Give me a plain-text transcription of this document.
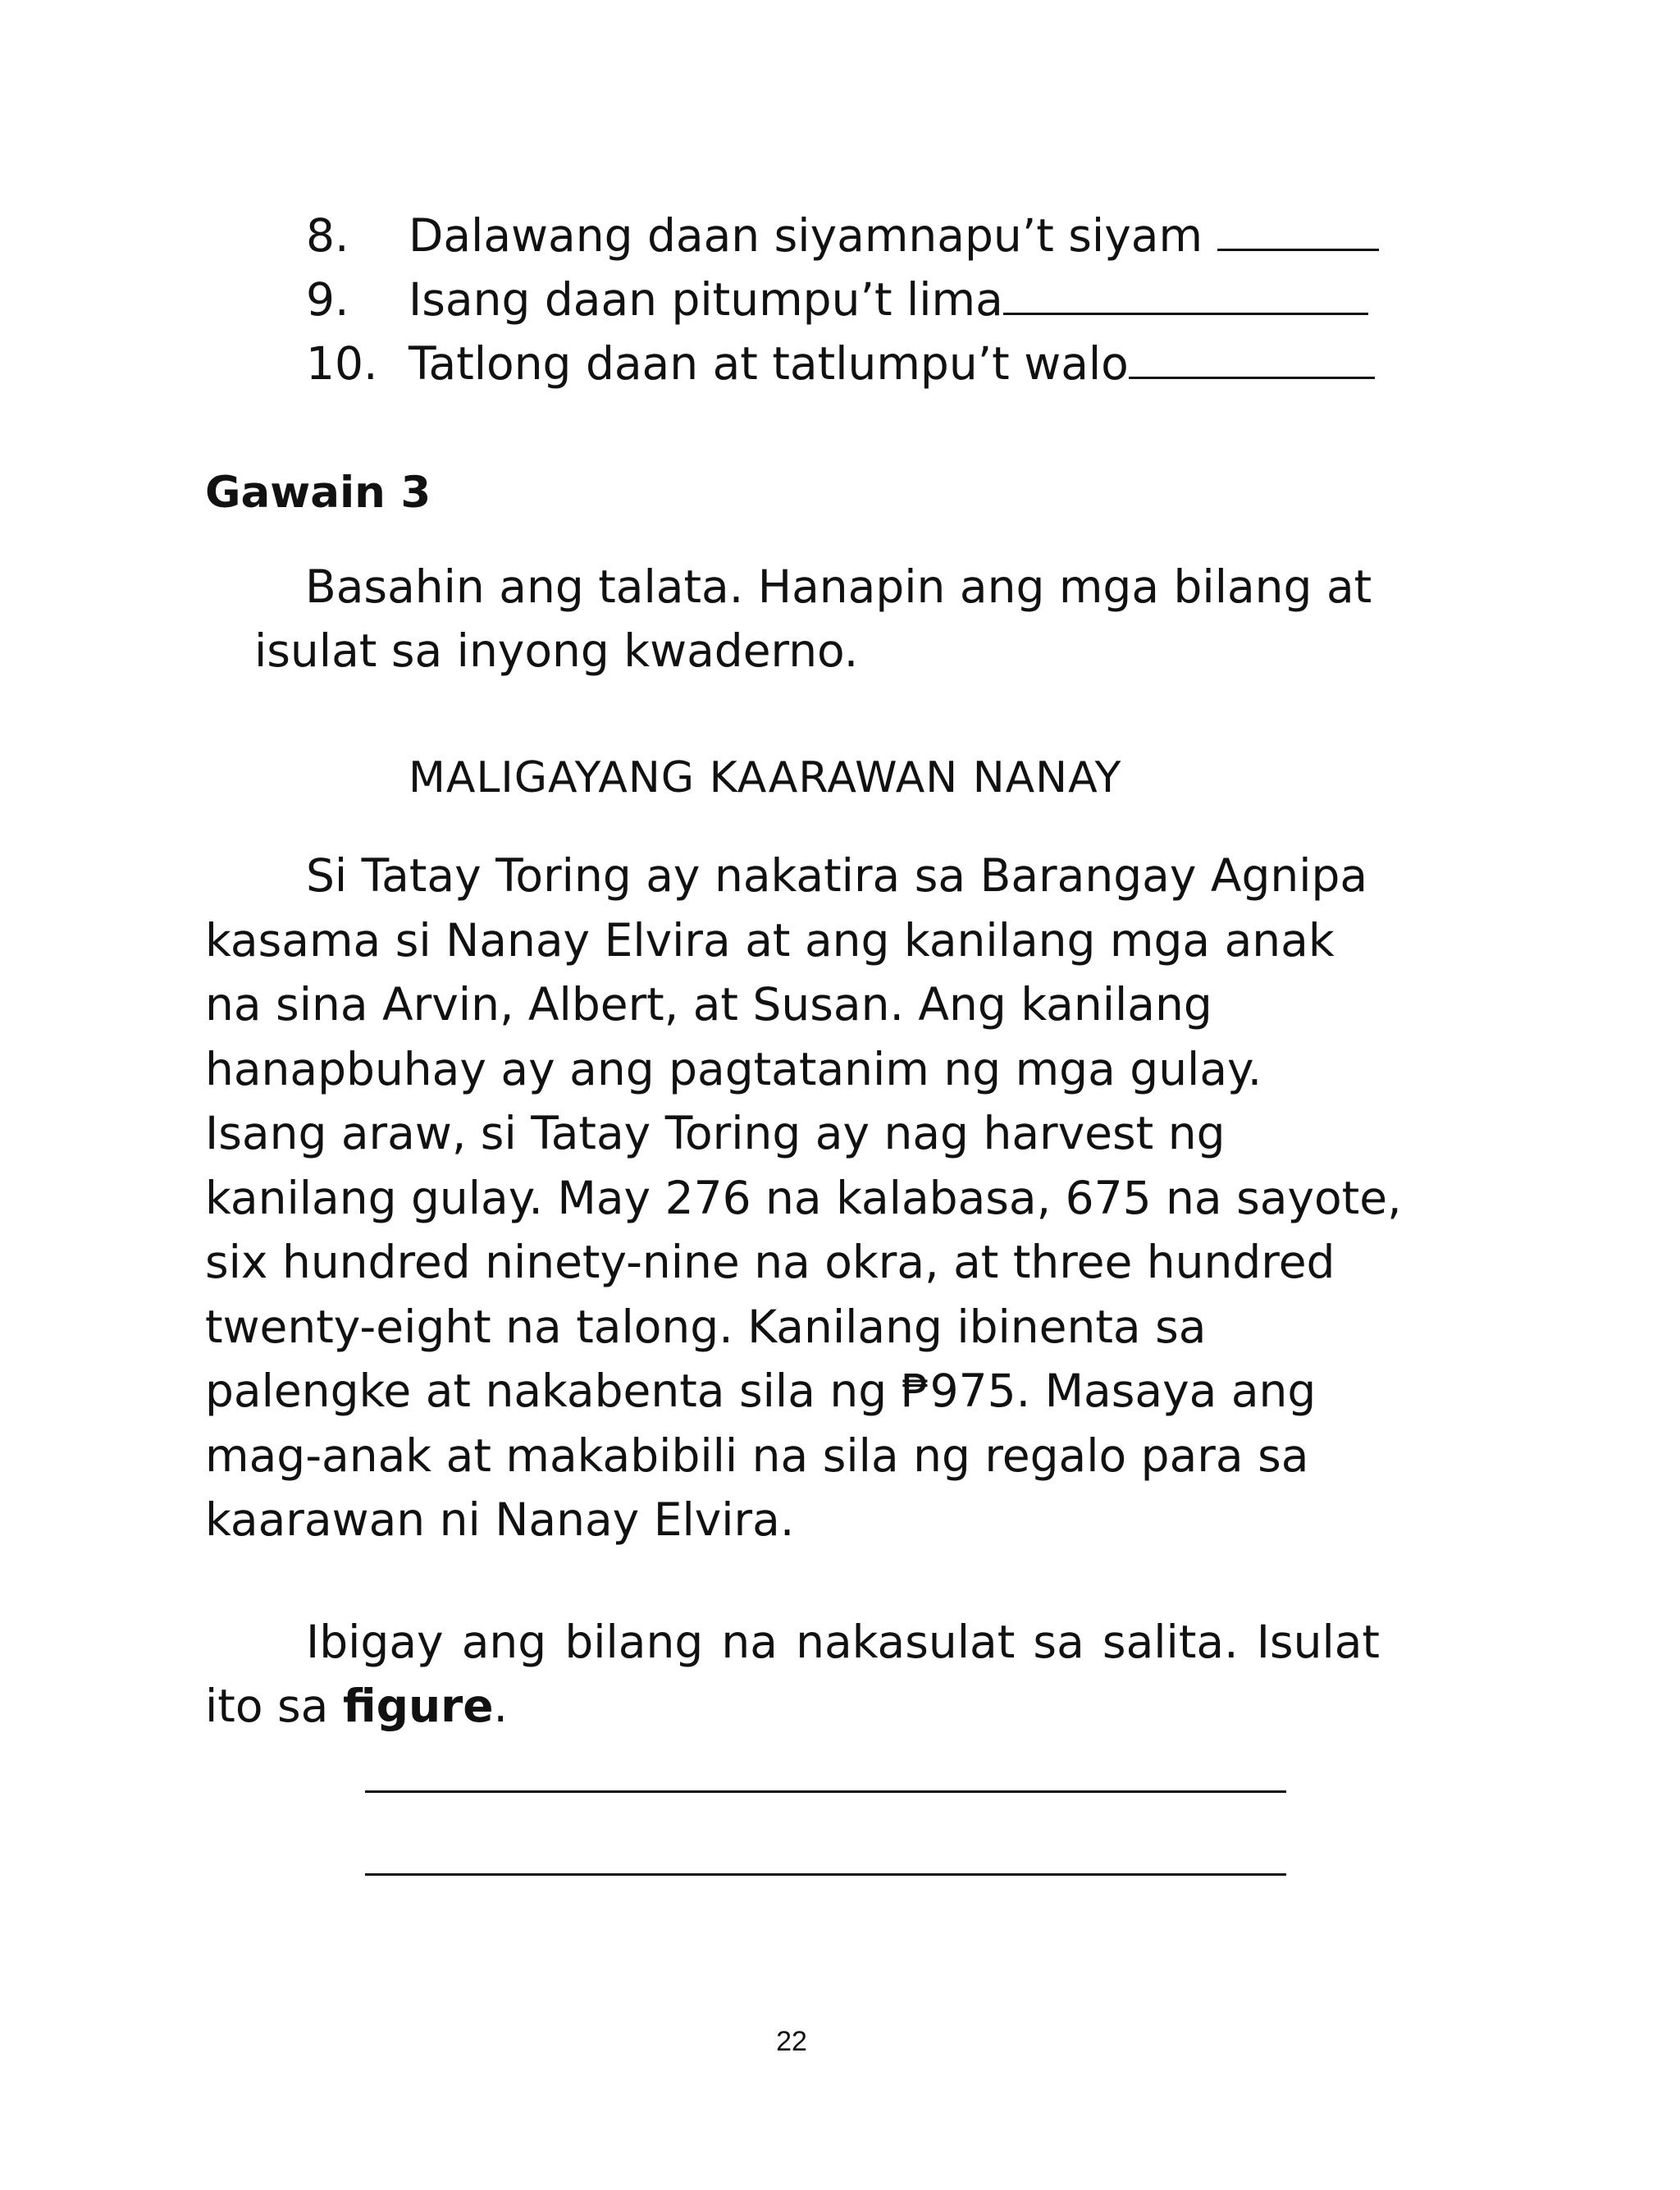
8. Dalawang daan siyamnapu’t siyam
9. Isang daan pitumpu’t lima
10. Tatlong daan at tatlumpu’t walo
Gawain 3
Basahin ang talata. Hanapin ang mga bilang at isulat sa inyong kwaderno.
MALIGAYANG KAARAWAN NANAY
Si Tatay Toring ay nakatira sa Barangay Agnipa
kasama si Nanay Elvira at ang kanilang mga anak
na sina Arvin, Albert, at Susan. Ang kanilang
hanapbuhay ay ang pagtatanim ng mga gulay.
Isang araw, si Tatay Toring ay nag harvest ng
kanilang gulay. May 276 na kalabasa, 675 na sayote,
six hundred ninety-nine na okra, at three hundred
twenty-eight na talong. Kanilang ibinenta sa
palengke at nakabenta sila ng ₱975. Masaya ang
mag-anak at makabibili na sila ng regalo para sa
kaarawan ni Nanay Elvira.
Ibigay ang bilang na nakasulat sa salita. Isulat ito sa figure.
22
